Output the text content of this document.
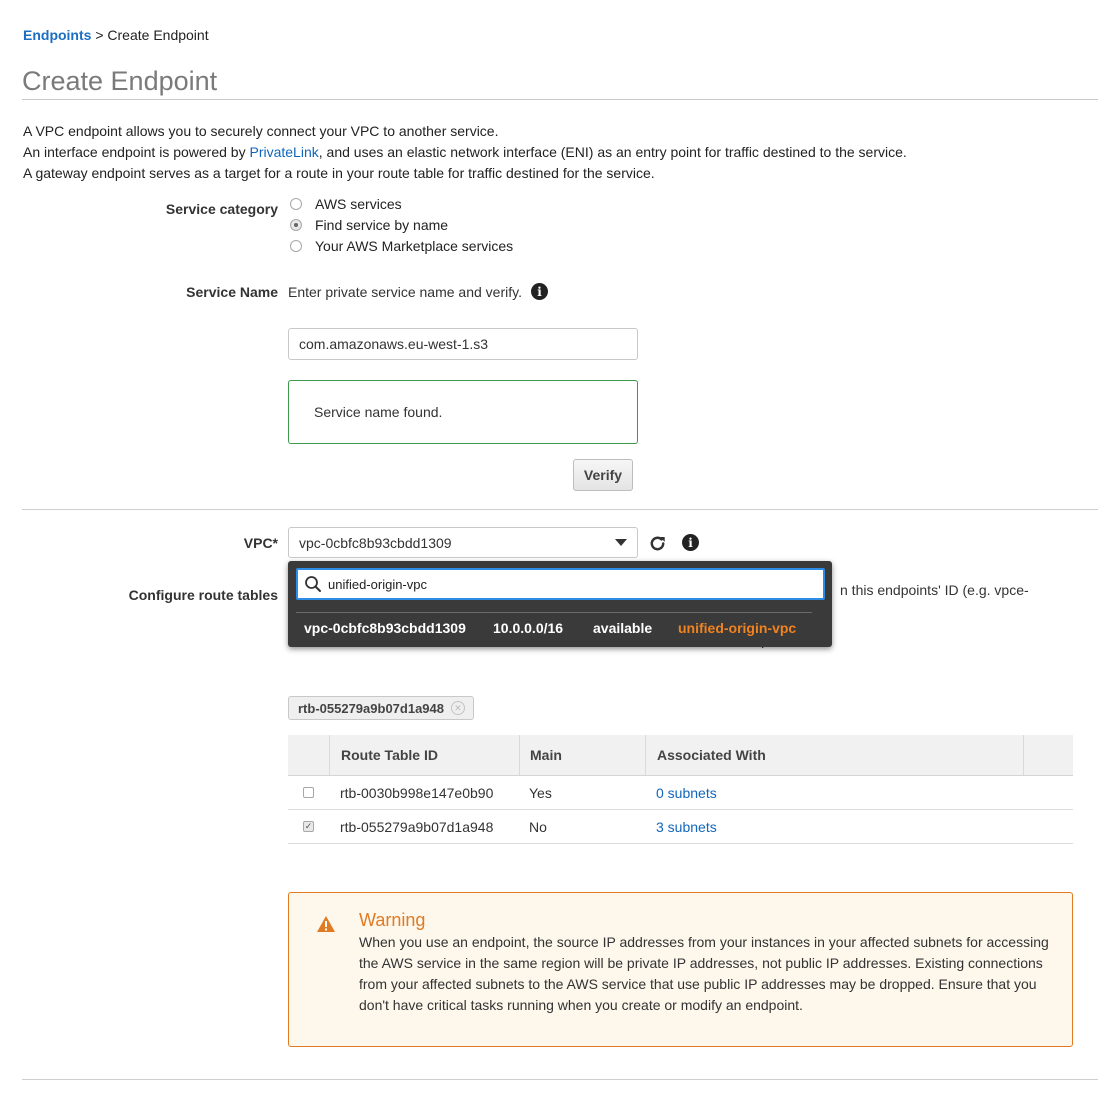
Endpoints > Create Endpoint
Create Endpoint
A VPC endpoint allows you to securely connect your VPC to another service.
An interface endpoint is powered by PrivateLink, and uses an elastic network interface (ENI) as an entry point for traffic destined to the service.
A gateway endpoint serves as a target for a route in your route table for traffic destined for the service.
Service category	AWS services
Find service by name
Your AWS Marketplace services
Service Name Enter private service name and verify.	i
com.amazonaws.eu-west-1.s3
Service name found.
Verify
VPC* vpc-0cbfc8b93cbdd1309	i
Configure route tables	n this endpoints' ID (e.g. vpce-
rtb-055279a9b07d1a948	✕
Route Table ID	Main	Associated With
rtb-0030b998e147e0b90	Yes	0 subnets
✓	rtb-055279a9b07d1a948	No	3 subnets
Warning
When you use an endpoint, the source IP addresses from your instances in your affected subnets for accessing the AWS service in the same region will be private IP addresses, not public IP addresses. Existing connections from your affected subnets to the AWS service that use public IP addresses may be dropped. Ensure that you don't have critical tasks running when you create or modify an endpoint.
unified-origin-vpc
vpc-0cbfc8b93cbdd1309 10.0.0.0/16 available unified-origin-vpc
